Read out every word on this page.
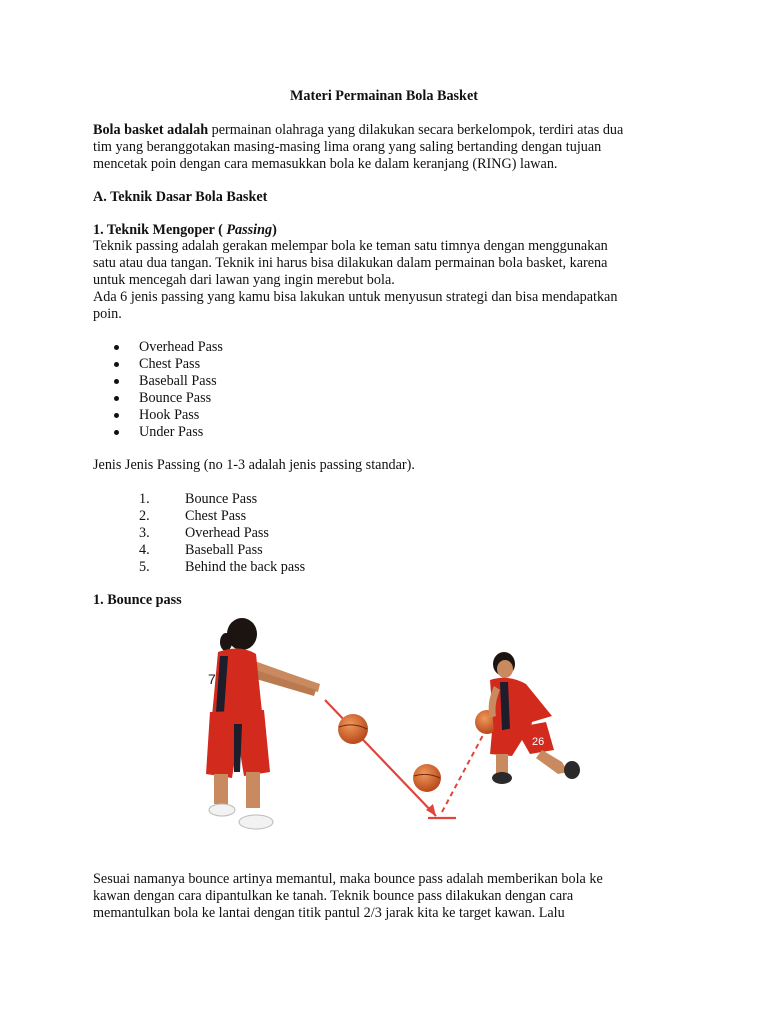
Materi Permainan Bola Basket
Bola basket adalah permainan olahraga yang dilakukan secara berkelompok, terdiri atas dua
tim yang beranggotakan masing-masing lima orang yang saling bertanding dengan tujuan
mencetak poin dengan cara memasukkan bola ke dalam keranjang (RING) lawan.
A. Teknik Dasar Bola Basket
1. Teknik Mengoper ( Passing)
Teknik passing adalah gerakan melempar bola ke teman satu timnya dengan menggunakan
satu atau dua tangan. Teknik ini harus bisa dilakukan dalam permainan bola basket, karena
untuk mencegah dari lawan yang ingin merebut bola.
Ada 6 jenis passing yang kamu bisa lakukan untuk menyusun strategi dan bisa mendapatkan
poin.
Overhead Pass
Chest Pass
Baseball Pass
Bounce Pass
Hook Pass
Under Pass
Jenis Jenis Passing (no 1-3 adalah jenis passing standar).
1. Bounce Pass
2. Chest Pass
3. Overhead Pass
4. Baseball Pass
5. Behind the back pass
1. Bounce pass
7
26
Sesuai namanya bounce artinya memantul, maka bounce pass adalah memberikan bola ke
kawan dengan cara dipantulkan ke tanah. Teknik bounce pass dilakukan dengan cara
memantulkan bola ke lantai dengan titik pantul 2/3 jarak kita ke target kawan. Lalu
